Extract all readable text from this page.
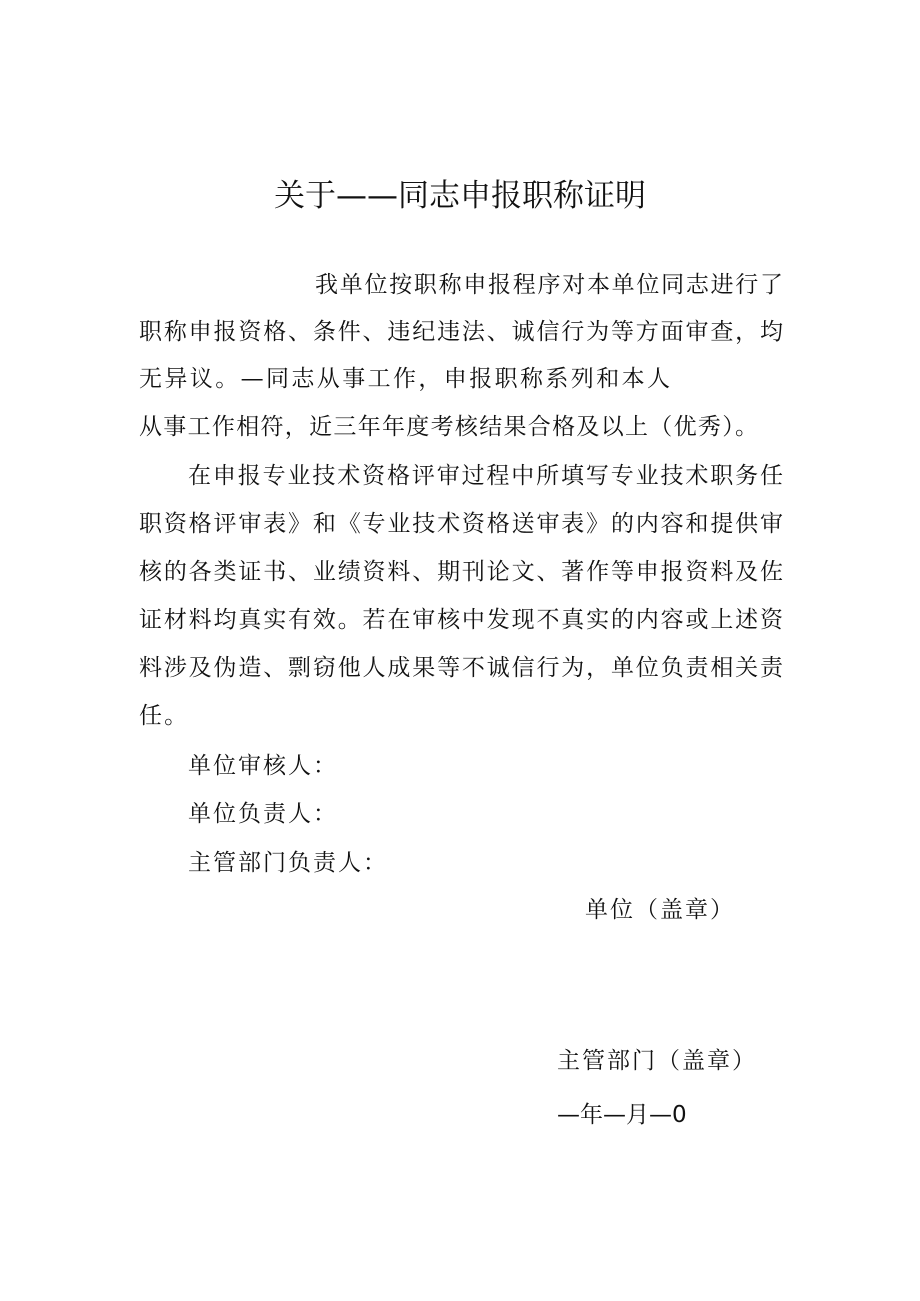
关于——同志申报职称证明
我单位按职称申报程序对本单位同志进行了
职称申报资格、条件、违纪违法、诚信行为等方面审查，均
无异议。—同志从事工作，申报职称系列和本人
从事工作相符，近三年年度考核结果合格及以上（优秀）。
在申报专业技术资格评审过程中所填写专业技术职务任
职资格评审表》和《专业技术资格送审表》的内容和提供审
核的各类证书、业绩资料、期刊论文、著作等申报资料及佐
证材料均真实有效。若在审核中发现不真实的内容或上述资
料涉及伪造、剽窃他人成果等不诚信行为，单位负责相关责
任。
单位审核人：
单位负责人：
主管部门负责人：
单位（盖章）
主管部门（盖章）
—年—月—0
